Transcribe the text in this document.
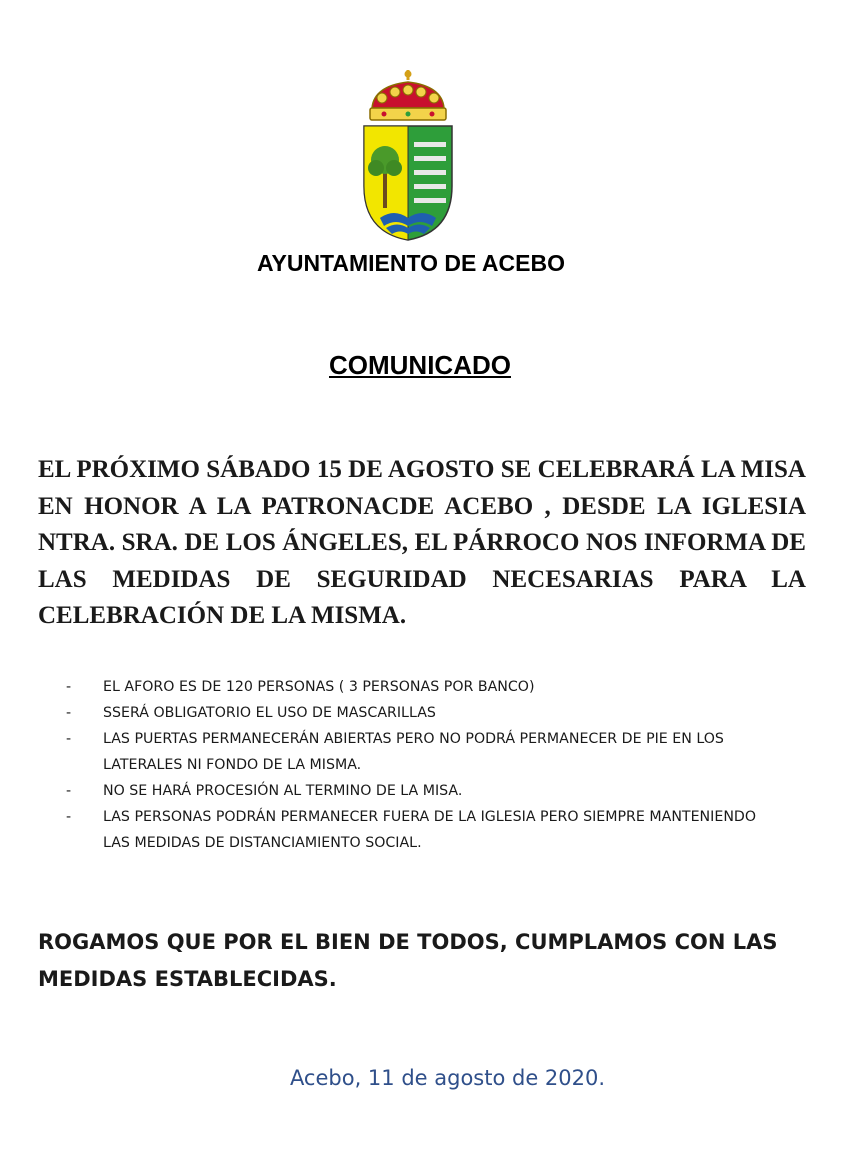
AYUNTAMIENTO DE ACEBO
COMUNICADO
EL PRÓXIMO SÁBADO 15 DE AGOSTO SE CELEBRARÁ LA MISA EN HONOR A LA PATRONACDE ACEBO , DESDE LA IGLESIA NTRA. SRA. DE LOS ÁNGELES, EL PÁRROCO NOS INFORMA DE LAS MEDIDAS DE SEGURIDAD NECESARIAS PARA LA CELEBRACIÓN DE LA MISMA.
- EL AFORO ES DE 120 PERSONAS ( 3 PERSONAS POR BANCO)
- SSERÁ OBLIGATORIO EL USO DE MASCARILLAS
- LAS PUERTAS PERMANECERÁN ABIERTAS PERO NO PODRÁ PERMANECER DE PIE EN LOS LATERALES NI FONDO DE LA MISMA.
- NO SE HARÁ PROCESIÓN AL TERMINO DE LA MISA.
- LAS PERSONAS PODRÁN PERMANECER FUERA DE LA IGLESIA PERO SIEMPRE MANTENIENDO LAS MEDIDAS DE DISTANCIAMIENTO SOCIAL.
ROGAMOS QUE POR EL BIEN DE TODOS, CUMPLAMOS CON LAS MEDIDAS ESTABLECIDAS.
Acebo, 11 de agosto de 2020.
